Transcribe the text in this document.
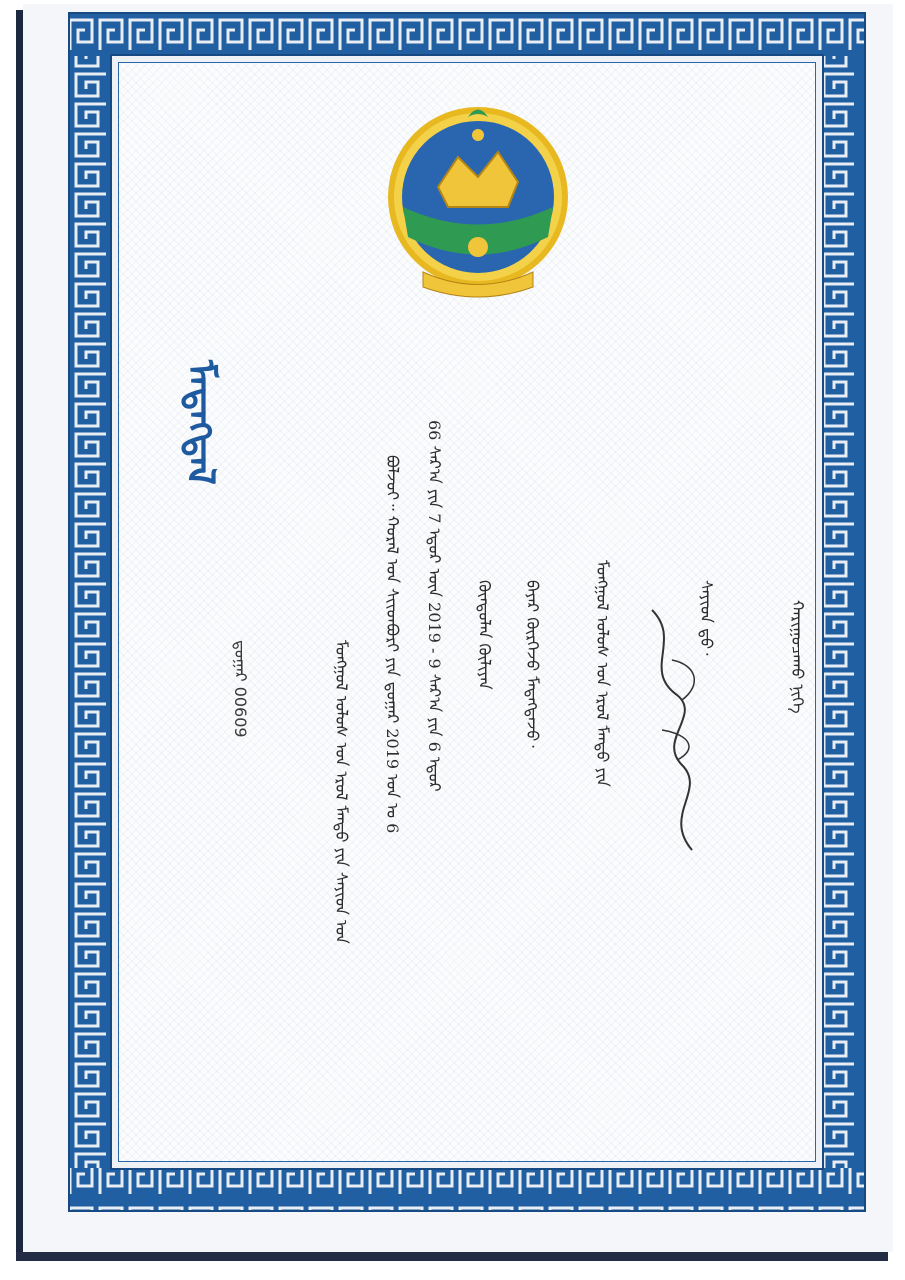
ᠮᠡᠳᠡᠭᠳᠡᠯ
ᠳ᠋ᠤᠭᠠᠷ 00609	ᠮᠣᠩᠭᠣᠯ ᠤᠯᠤᠰ ᠤᠨ ᠡᠷᠦᠯ ᠮᠡᠨᠳᠦ ᠶᠢᠨ ᠰᠠᠶᠢᠳ ᠤᠨ	ᠪᠣᠯᠵᠣᠶ᠃ ᠬᠤᠷᠠᠯ ᠤᠨ ᠰᠢᠢᠳᠪᠦᠷᠢ ᠶᠢᠨ ᠳ᠋ᠤᠭᠠᠷ 2019 ᠣᠨ ᠤ 6	66 ᠰᠠᠷ᠎ᠠ ᠶᠢᠨ 7 ᠡᠳᠦᠷ ᠦᠨ 2019 - 9 ᠰᠠᠷ᠎ᠠ ᠶᠢᠨ 6 ᠡᠳᠦᠷ	ᠬᠦᠨᠳᠦᠯᠡᠨ ᠬᠦᠯᠢᠶᠡᠨ	ᠪᠠᠶᠠᠷ ᠬᠦᠷᠭᠡᠵᠦ ᠮᠡᠳᠡᠭᠳᠡᠵᠦ᠂	ᠮᠣᠩᠭᠣᠯ ᠤᠯᠤᠰ ᠤᠨ ᠡᠷᠦᠯ ᠮᠡᠨᠳᠦ ᠶᠢᠨ	ᠰᠠᠶᠢᠳ ᠳ᠋ᠤ᠂	ᠬᠠᠷᠢᠭᠤᠴᠠᠬᠤ ᠨᠢᠭᠡ
